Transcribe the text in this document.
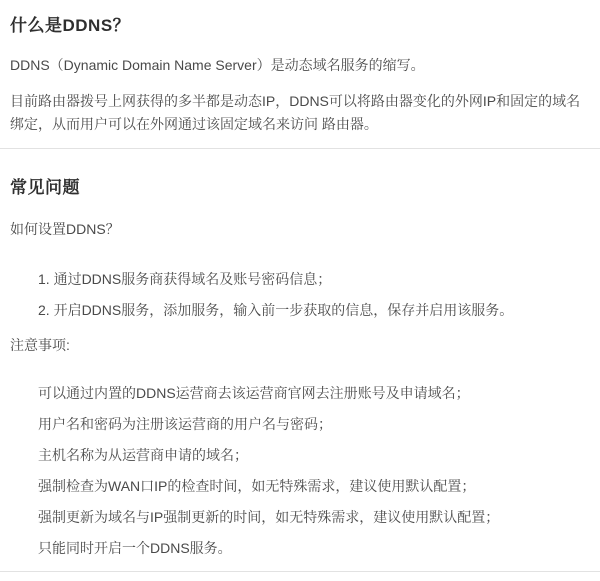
什么是DDNS？

DDNS（Dynamic Domain Name Server）是动态域名服务的缩写。

目前路由器拨号上网获得的多半都是动态IP，DDNS可以将路由器变化的外网IP和固定的域名绑定，从而用户可以在外网通过该固定域名来访问 路由器。

常见问题

如何设置DDNS？

1. 通过DDNS服务商获得域名及账号密码信息；

2. 开启DDNS服务，添加服务，输入前一步获取的信息，保存并启用该服务。

注意事项:

可以通过内置的DDNS运营商去该运营商官网去注册账号及申请域名；

用户名和密码为注册该运营商的用户名与密码；

主机名称为从运营商申请的域名；

强制检查为WAN口IP的检查时间，如无特殊需求，建议使用默认配置；

强制更新为域名与IP强制更新的时间，如无特殊需求，建议使用默认配置；

只能同时开启一个DDNS服务。
